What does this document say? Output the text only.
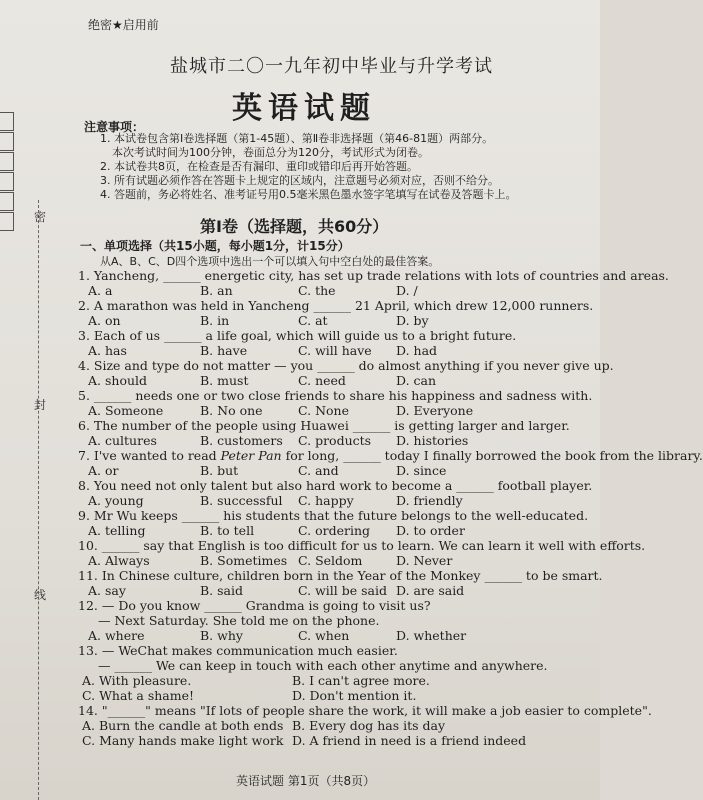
密
封
线
绝密★启用前
盐城市二〇一九年初中毕业与升学考试
英语试题
注意事项：
1. 本试卷包含第Ⅰ卷选择题（第1-45题）、第Ⅱ卷非选择题（第46-81题）两部分。
本次考试时间为100分钟，卷面总分为120分，考试形式为闭卷。
2. 本试卷共8页，在检查是否有漏印、重印或错印后再开始答题。
3. 所有试题必须作答在答题卡上规定的区域内，注意题号必须对应，否则不给分。
4. 答题前，务必将姓名、准考证号用0.5毫米黑色墨水签字笔填写在试卷及答题卡上。
第Ⅰ卷（选择题，共60分）
一、单项选择（共15小题，每小题1分，计15分）
从A、B、C、D四个选项中选出一个可以填入句中空白处的最佳答案。
1. Yancheng, ______ energetic city, has set up trade relations with lots of countries and areas.
A. a	B. an	C. the	D. /
2. A marathon was held in Yancheng ______ 21 April, which drew 12,000 runners.
A. on	B. in	C. at	D. by
3. Each of us ______ a life goal, which will guide us to a bright future.
A. has	B. have	C. will have D. had
4. Size and type do not matter — you ______ do almost anything if you never give up.
A. should	B. must	C. need	D. can
5. ______ needs one or two close friends to share his happiness and sadness with.
A. Someone	B. No one	C. None	D. Everyone
6. The number of the people using Huawei ______ is getting larger and larger.
A. cultures	B. customers C. products D. histories
7. I've wanted to read Peter Pan for long, ______ today I finally borrowed the book from the library.
A. or	B. but	C. and	D. since
8. You need not only talent but also hard work to become a ______ football player.
A. young	B. successful C. happy	D. friendly
9. Mr Wu keeps ______ his students that the future belongs to the well-educated.
A. telling	B. to tell	C. ordering D. to order
10. ______ say that English is too difficult for us to learn. We can learn it well with efforts.
A. Always	B. Sometimes C. Seldom	D. Never
11. In Chinese culture, children born in the Year of the Monkey ______ to be smart.
A. say	B. said	C. will be said D. are said
12. — Do you know ______ Grandma is going to visit us?
— Next Saturday. She told me on the phone.
A. where	B. why	C. when	D. whether
13. — WeChat makes communication much easier.
— ______ We can keep in touch with each other anytime and anywhere.
A. With pleasure.	B. I can't agree more.
C. What a shame!	D. Don't mention it.
14. "______" means "If lots of people share the work, it will make a job easier to complete".
A. Burn the candle at both ends B. Every dog has its day
C. Many hands make light work D. A friend in need is a friend indeed
英语试题 第1页（共8页）
